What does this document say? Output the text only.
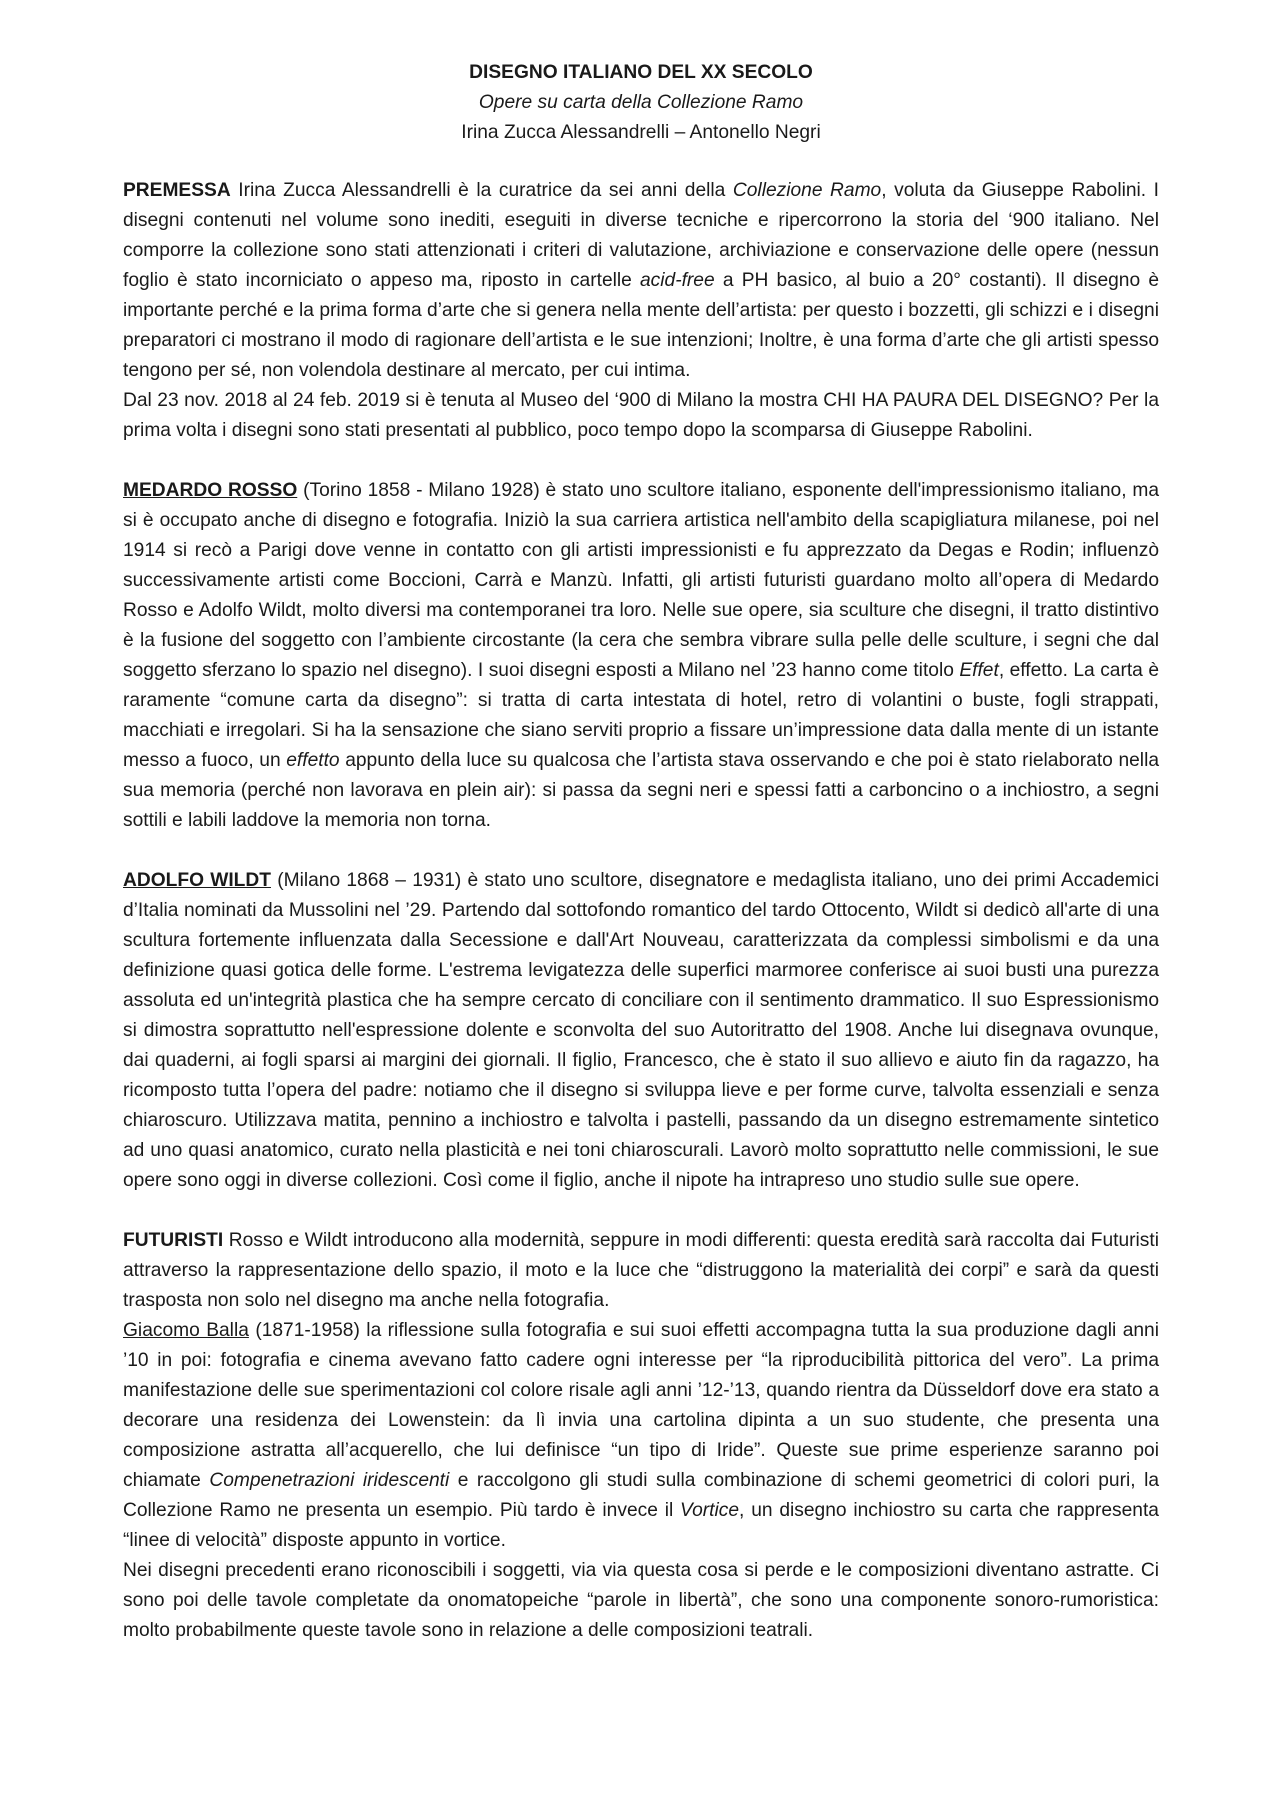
DISEGNO ITALIANO DEL XX SECOLO
Opere su carta della Collezione Ramo
Irina Zucca Alessandrelli – Antonello Negri

PREMESSA Irina Zucca Alessandrelli è la curatrice da sei anni della Collezione Ramo, voluta da Giuseppe Rabolini. I disegni contenuti nel volume sono inediti, eseguiti in diverse tecniche e ripercorrono la storia del ‘900 italiano. Nel comporre la collezione sono stati attenzionati i criteri di valutazione, archiviazione e conservazione delle opere (nessun foglio è stato incorniciato o appeso ma, riposto in cartelle acid-free a PH basico, al buio a 20° costanti). Il disegno è importante perché e la prima forma d’arte che si genera nella mente dell’artista: per questo i bozzetti, gli schizzi e i disegni preparatori ci mostrano il modo di ragionare dell’artista e le sue intenzioni; Inoltre, è una forma d’arte che gli artisti spesso tengono per sé, non volendola destinare al mercato, per cui intima.

Dal 23 nov. 2018 al 24 feb. 2019 si è tenuta al Museo del ‘900 di Milano la mostra CHI HA PAURA DEL DISEGNO? Per la prima volta i disegni sono stati presentati al pubblico, poco tempo dopo la scomparsa di Giuseppe Rabolini.

MEDARDO ROSSO (Torino 1858 - Milano 1928) è stato uno scultore italiano, esponente dell'impressionismo italiano, ma si è occupato anche di disegno e fotografia. Iniziò la sua carriera artistica nell'ambito della scapigliatura milanese, poi nel 1914 si recò a Parigi dove venne in contatto con gli artisti impressionisti e fu apprezzato da Degas e Rodin; influenzò successivamente artisti come Boccioni, Carrà e Manzù. Infatti, gli artisti futuristi guardano molto all’opera di Medardo Rosso e Adolfo Wildt, molto diversi ma contemporanei tra loro. Nelle sue opere, sia sculture che disegni, il tratto distintivo è la fusione del soggetto con l’ambiente circostante (la cera che sembra vibrare sulla pelle delle sculture, i segni che dal soggetto sferzano lo spazio nel disegno). I suoi disegni esposti a Milano nel ’23 hanno come titolo Effet, effetto. La carta è raramente “comune carta da disegno”: si tratta di carta intestata di hotel, retro di volantini o buste, fogli strappati, macchiati e irregolari. Si ha la sensazione che siano serviti proprio a fissare un’impressione data dalla mente di un istante messo a fuoco, un effetto appunto della luce su qualcosa che l’artista stava osservando e che poi è stato rielaborato nella sua memoria (perché non lavorava en plein air): si passa da segni neri e spessi fatti a carboncino o a inchiostro, a segni sottili e labili laddove la memoria non torna.

ADOLFO WILDT (Milano 1868 – 1931) è stato uno scultore, disegnatore e medaglista italiano, uno dei primi Accademici d’Italia nominati da Mussolini nel ’29. Partendo dal sottofondo romantico del tardo Ottocento, Wildt si dedicò all'arte di una scultura fortemente influenzata dalla Secessione e dall'Art Nouveau, caratterizzata da complessi simbolismi e da una definizione quasi gotica delle forme. L'estrema levigatezza delle superfici marmoree conferisce ai suoi busti una purezza assoluta ed un'integrità plastica che ha sempre cercato di conciliare con il sentimento drammatico. Il suo Espressionismo si dimostra soprattutto nell'espressione dolente e sconvolta del suo Autoritratto del 1908. Anche lui disegnava ovunque, dai quaderni, ai fogli sparsi ai margini dei giornali. Il figlio, Francesco, che è stato il suo allievo e aiuto fin da ragazzo, ha ricomposto tutta l’opera del padre: notiamo che il disegno si sviluppa lieve e per forme curve, talvolta essenziali e senza chiaroscuro. Utilizzava matita, pennino a inchiostro e talvolta i pastelli, passando da un disegno estremamente sintetico ad uno quasi anatomico, curato nella plasticità e nei toni chiaroscurali. Lavorò molto soprattutto nelle commissioni, le sue opere sono oggi in diverse collezioni. Così come il figlio, anche il nipote ha intrapreso uno studio sulle sue opere.

FUTURISTI Rosso e Wildt introducono alla modernità, seppure in modi differenti: questa eredità sarà raccolta dai Futuristi attraverso la rappresentazione dello spazio, il moto e la luce che “distruggono la materialità dei corpi” e sarà da questi trasposta non solo nel disegno ma anche nella fotografia.

Giacomo Balla (1871-1958) la riflessione sulla fotografia e sui suoi effetti accompagna tutta la sua produzione dagli anni ’10 in poi: fotografia e cinema avevano fatto cadere ogni interesse per “la riproducibilità pittorica del vero”. La prima manifestazione delle sue sperimentazioni col colore risale agli anni ’12-’13, quando rientra da Düsseldorf dove era stato a decorare una residenza dei Lowenstein: da lì invia una cartolina dipinta a un suo studente, che presenta una composizione astratta all’acquerello, che lui definisce “un tipo di Iride”. Queste sue prime esperienze saranno poi chiamate Compenetrazioni iridescenti e raccolgono gli studi sulla combinazione di schemi geometrici di colori puri, la Collezione Ramo ne presenta un esempio. Più tardo è invece il Vortice, un disegno inchiostro su carta che rappresenta “linee di velocità” disposte appunto in vortice.

Nei disegni precedenti erano riconoscibili i soggetti, via via questa cosa si perde e le composizioni diventano astratte. Ci sono poi delle tavole completate da onomatopeiche “parole in libertà”, che sono una componente sonoro-rumoristica: molto probabilmente queste tavole sono in relazione a delle composizioni teatrali.
